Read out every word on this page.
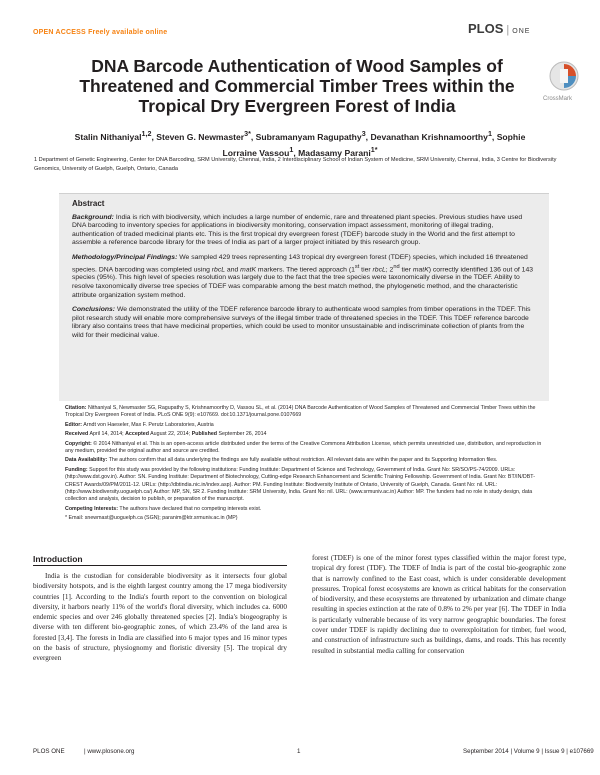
OPEN ACCESS Freely available online	PLOS | ONE
CrossMark
DNA Barcode Authentication of Wood Samples of Threatened and Commercial Timber Trees within the Tropical Dry Evergreen Forest of India
Stalin Nithaniyal$^{1,2}$, Steven G. Newmaster$^{3*}$, Subramanyam Ragupathy$^3$, Devanathan Krishnamoorthy$^1$, Sophie Lorraine Vassou$^1$, Madasamy Parani$^{1*}$
1 Department of Genetic Engineering, Center for DNA Barcoding, SRM University, Chennai, India, 2 Interdisciplinary School of Indian System of Medicine, SRM University, Chennai, India, 3 Centre for Biodiversity Genomics, University of Guelph, Guelph, Ontario, Canada
Abstract

Background: India is rich with biodiversity, which includes a large number of endemic, rare and threatened plant species. Previous studies have used DNA barcoding to inventory species for applications in biodiversity monitoring, conservation impact assessment, monitoring of illegal trading, authentication of traded medicinal plants etc. This is the first tropical dry evergreen forest (TDEF) barcode study in the World and the first attempt to assemble a reference barcode library for the trees of India as part of a larger project initiated by this research group.

Methodology/Principal Findings: We sampled 429 trees representing 143 tropical dry evergreen forest (TDEF) species, which included 16 threatened species. DNA barcoding was completed using rbcL and matK markers. The tiered approach (1st tier rbcL; 2nd tier matK) correctly identified 136 out of 143 species (95%). This high level of species resolution was largely due to the fact that the tree species were taxonomically diverse in the TDEF. Ability to resolve taxonomically diverse tree species of TDEF was comparable among the best match method, the phylogenetic method, and the characteristic attribute organization system method.

Conclusions: We demonstrated the utility of the TDEF reference barcode library to authenticate wood samples from timber operations in the TDEF. This pilot research study will enable more comprehensive surveys of the illegal timber trade of threatened species in the TDEF. This TDEF reference barcode library also contains trees that have medicinal properties, which could be used to monitor unsustainable and indiscriminate collection of plants from the wild for their medicinal value.

Citation: Nithaniyal S, Newmaster SG, Ragupathy S, Krishnamoorthy D, Vassou SL, et al. (2014) DNA Barcode Authentication of Wood Samples of Threatened and Commercial Timber Trees within the Tropical Dry Evergreen Forest of India. PLoS ONE 9(9): e107669. doi:10.1371/journal.pone.0107669

Editor: Arndt von Haeseler, Max F. Perutz Laboratories, Austria

Received April 14, 2014; Accepted August 22, 2014; Published September 26, 2014

Copyright: © 2014 Nithaniyal et al. This is an open-access article distributed under the terms of the Creative Commons Attribution License, which permits unrestricted use, distribution, and reproduction in any medium, provided the original author and source are credited.

Data Availability: The authors confirm that all data underlying the findings are fully available without restriction. All relevant data are within the paper and its Supporting Information files.

Funding: Support for this study was provided by the following institutions: Funding Institute: Department of Science and Technology, Government of India. Grant No: SR/SO/PS-74/2009. URLs: (http://www.dst.gov.in). Author: SN. Funding Institute: Department of Biotechnology, Cutting-edge Research Enhancement and Scientific Training Fellowship. Government of India. Grant No: BT/IN/DBT-CREST Awards/09/PM/2011-12. URLs: (http://dbtindia.nic.in/index.asp). Author: PM. Funding Institute: Biodiversity Institute of Ontario, University of Guelph, Canada. Grant No: nil. URL: (http://www.biodiversity.uoguelph.ca/) Author: MP, SN, SR 2. Funding Institute: SRM University, India. Grant No: nil. URL: (www.srmuniv.ac.in) Author: MP. The funders had no role in study design, data collection and analysis, decision to publish, or preparation of the manuscript.

Competing Interests: The authors have declared that no competing interests exist.

* Email: snewmast@uoguelph.ca (SGN); paranim@ktr.srmuniv.ac.in (MP)

Introduction

India is the custodian for considerable biodiversity as it intersects four global biodiversity hotspots, and is the eighth largest country among the 17 mega biodiversity countries [1]. According to the India's fourth report to the convention on biological diversity, it harbors nearly 11% of the world's floral diversity, which includes ca. 6000 endemic species and over 246 globally threatened species [2]. India's biogeography is diverse with ten different bio-geographic zones, of which 23.4% of the land area is forested [3,4]. The forests in India are classified into 6 major types and 16 minor types on the basis of structure, physiognomy and floristic diversity [5]. The tropical dry evergreen

forest (TDEF) is one of the minor forest types classified within the major forest type, tropical dry forest (TDF). The TDEF of India is part of the costal bio-geographic zone that is narrowly confined to the East coast, which is under considerable development pressures. Tropical forest ecosystems are known as critical habitats for the conservation of biodiversity, and these ecosystems are threatened by urbanization and climate change resulting in species extinction at the rate of 0.8% to 2% per year [6]. The TDEF in India is particularly vulnerable because of its very narrow geographic boundaries. The forest cover under TDEF is rapidly declining due to overexploitation for timber, fuel wood, and construction of infrastructure such as buildings, dams, and roads. This has recently resulted in substantial media calling for conservation

PLOS ONE	| www.plosone.org	1	September 2014 | Volume 9 | Issue 9 | e107669
